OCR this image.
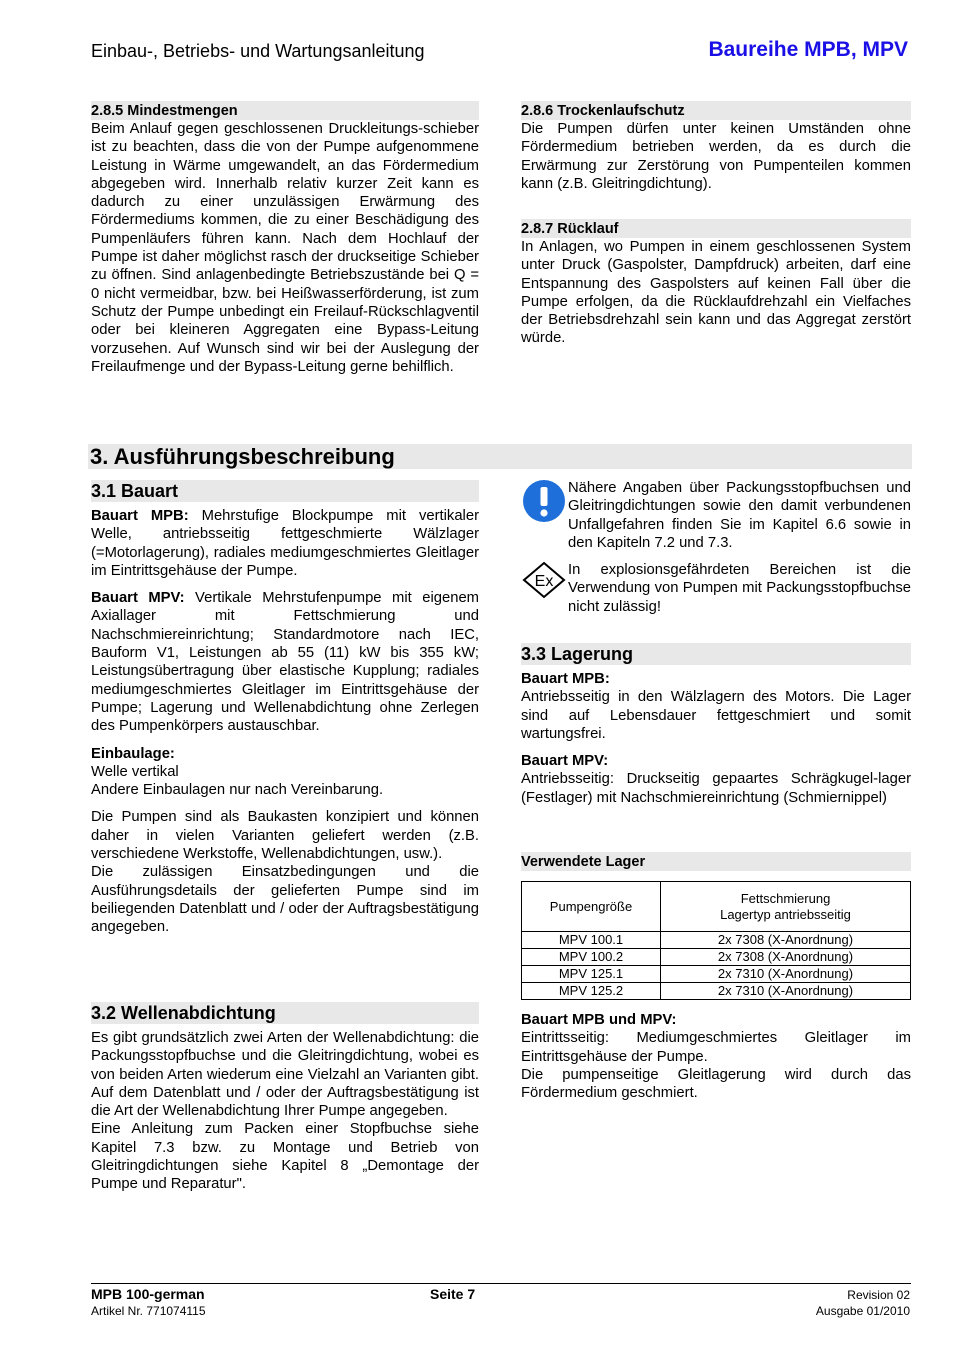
Einbau-, Betriebs- und Wartungsanleitung	Baureihe MPB, MPV
2.8.5 Mindestmengen

Beim Anlauf gegen geschlossenen Druckleitungs-schieber ist zu beachten, dass die von der Pumpe aufgenommene Leistung in Wärme umgewandelt, an das Fördermedium abgegeben wird. Innerhalb relativ kurzer Zeit kann es dadurch zu einer unzulässigen Erwärmung des Fördermediums kommen, die zu einer Beschädigung des Pumpenläufers führen kann. Nach dem Hochlauf der Pumpe ist daher möglichst rasch der druckseitige Schieber zu öffnen. Sind anlagenbedingte Betriebszustände bei Q = 0 nicht vermeidbar, bzw. bei Heißwasserförderung, ist zum Schutz der Pumpe unbedingt ein Freilauf-Rückschlagventil oder bei kleineren Aggregaten eine Bypass-Leitung vorzusehen. Auf Wunsch sind wir bei der Auslegung der Freilaufmenge und der Bypass-Leitung gerne behilflich.

2.8.6 Trockenlaufschutz

Die Pumpen dürfen unter keinen Umständen ohne Fördermedium betrieben werden, da es durch die Erwärmung zur Zerstörung von Pumpenteilen kommen kann (z.B. Gleitringdichtung).

2.8.7 Rücklauf

In Anlagen, wo Pumpen in einem geschlossenen System unter Druck (Gaspolster, Dampfdruck) arbeiten, darf eine Entspannung des Gaspolsters auf keinen Fall über die Pumpe erfolgen, da die Rücklaufdrehzahl ein Vielfaches der Betriebsdrehzahl sein kann und das Aggregat zerstört würde.

3. Ausführungsbeschreibung
3.1 Bauart

Bauart MPB: Mehrstufige Blockpumpe mit vertikaler Welle, antriebsseitig fettgeschmierte Wälzlager (=Motorlagerung), radiales mediumgeschmiertes Gleitlager im Eintrittsgehäuse der Pumpe.

Bauart MPV: Vertikale Mehrstufenpumpe mit eigenem Axiallager mit Fettschmierung und Nachschmiereinrichtung; Standardmotore nach IEC, Bauform V1, Leistungen ab 55 (11) kW bis 355 kW; Leistungsübertragung über elastische Kupplung; radiales mediumgeschmiertes Gleitlager im Eintrittsgehäuse der Pumpe; Lagerung und Wellenabdichtung ohne Zerlegen des Pumpenkörpers austauschbar.

Einbaulage:
Welle vertikal
Andere Einbaulagen nur nach Vereinbarung.

Die Pumpen sind als Baukasten konzipiert und können daher in vielen Varianten geliefert werden (z.B. verschiedene Werkstoffe, Wellenabdichtungen, usw.).

Die zulässigen Einsatzbedingungen und die Ausführungsdetails der gelieferten Pumpe sind im beiliegenden Datenblatt und / oder der Auftragsbestätigung angegeben.

3.2 Wellenabdichtung

Es gibt grundsätzlich zwei Arten der Wellenabdichtung: die Packungsstopfbuchse und die Gleitringdichtung, wobei es von beiden Arten wiederum eine Vielzahl an Varianten gibt. Auf dem Datenblatt und / oder der Auftragsbestätigung ist die Art der Wellenabdichtung Ihrer Pumpe angegeben.

Eine Anleitung zum Packen einer Stopfbuchse siehe Kapitel 7.3 bzw. zu Montage und Betrieb von Gleitringdichtungen siehe Kapitel 8 „Demontage der Pumpe und Reparatur".

Nähere Angaben über Packungsstopfbuchsen und Gleitringdichtungen sowie den damit verbundenen Unfallgefahren finden Sie im Kapitel 6.6 sowie in den Kapiteln 7.2 und 7.3.

Ex

In explosionsgefährdeten Bereichen ist die Verwendung von Pumpen mit Packungsstopfbuchse nicht zulässig!

3.3 Lagerung

Bauart MPB:
Antriebsseitig in den Wälzlagern des Motors. Die Lager sind auf Lebensdauer fettgeschmiert und somit wartungsfrei.

Bauart MPV:
Antriebsseitig: Druckseitig gepaartes Schrägkugel-lager (Festlager) mit Nachschmiereinrichtung (Schmiernippel)

Verwendete Lager
Pumpengröße	Fettschmierung
Lagertyp antriebsseitig
MPV 100.1	2x 7308 (X-Anordnung)
MPV 100.2	2x 7308 (X-Anordnung)
MPV 125.1	2x 7310 (X-Anordnung)
MPV 125.2	2x 7310 (X-Anordnung)

Bauart MPB und MPV:
Eintrittsseitig: Mediumgeschmiertes Gleitlager im Eintrittsgehäuse der Pumpe.
Die pumpenseitige Gleitlagerung wird durch das Fördermedium geschmiert.

MPB 100-german
Artikel Nr. 771074115
Seite 7	Revision 02
Ausgabe 01/2010
